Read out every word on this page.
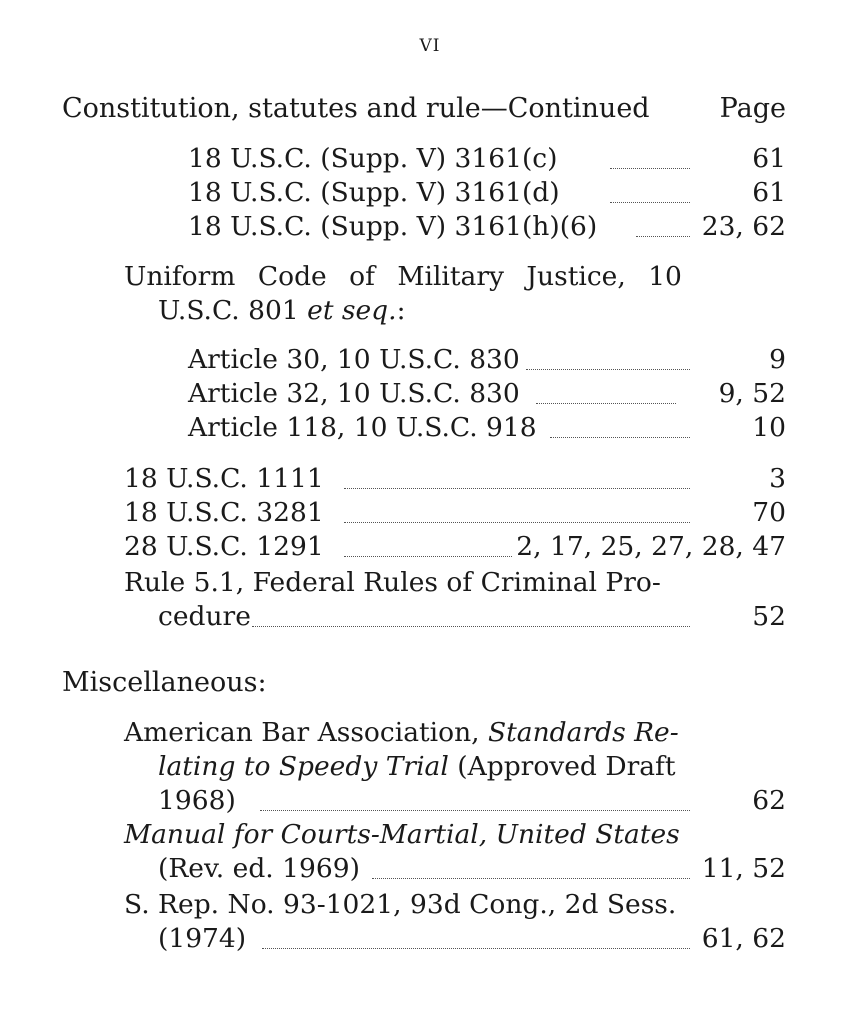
VI
Constitution, statutes and rule—Continued	Page
18 U.S.C. (Supp. V) 3161(c)	61
18 U.S.C. (Supp. V) 3161(d)	61
18 U.S.C. (Supp. V) 3161(h)(6)	23, 62
Uniform Code of Military Justice, 10
U.S.C. 801 et seq.:
Article 30, 10 U.S.C. 830	9
Article 32, 10 U.S.C. 830	9, 52
Article 118, 10 U.S.C. 918	10
18 U.S.C. 1111	3
18 U.S.C. 3281	70
28 U.S.C. 1291	2, 17, 25, 27, 28, 47
Rule 5.1, Federal Rules of Criminal Pro-
cedure	52
Miscellaneous:
American Bar Association, Standards Re-
lating to Speedy Trial (Approved Draft
1968)	62
Manual for Courts-Martial, United States
(Rev. ed. 1969)	11, 52
S. Rep. No. 93-1021, 93d Cong., 2d Sess.
(1974)	61, 62
